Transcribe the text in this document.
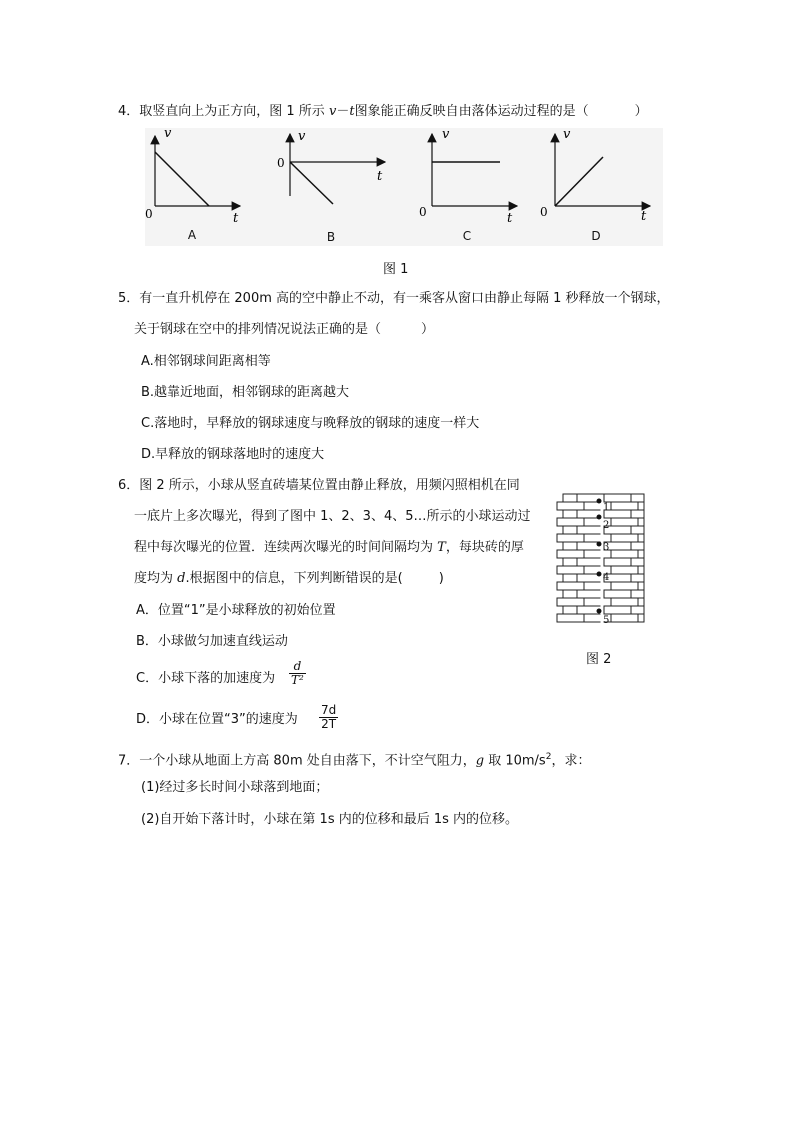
4．取竖直向上为正方向，图 1 所示 v－t图象能正确反映自由落体运动过程的是（	）
v
t
0
v
t
0
v
t
0
v
t
0
A	B	C	D
图 1
5．有一直升机停在 200m 高的空中静止不动，有一乘客从窗口由静止每隔 1 秒释放一个钢球，
关于钢球在空中的排列情况说法正确的是（	）
A.相邻钢球间距离相等
B.越靠近地面，相邻钢球的距离越大
C.落地时，早释放的钢球速度与晚释放的钢球的速度一样大
D.早释放的钢球落地时的速度大
6．图 2 所示，小球从竖直砖墙某位置由静止释放，用频闪照相机在同
一底片上多次曝光，得到了图中 1、2、3、4、5…所示的小球运动过
程中每次曝光的位置．连续两次曝光的时间间隔均为 T，每块砖的厚
度均为 d.根据图中的信息，下列判断错误的是(	)
A．位置“1”是小球释放的初始位置
B．小球做匀加速直线运动
C．小球下落的加速度为 $\frac{d}{\text{T²}}$
D．小球在位置“3”的速度为 $\frac{7d}{2T}$
1
2
3
4
5
图 2
7．一个小球从地面上方高 80m 处自由落下，不计空气阻力，g 取 $10m/s^2$，求：
(1)经过多长时间小球落到地面；
(2)自开始下落计时，小球在第 1s 内的位移和最后 1s 内的位移。
